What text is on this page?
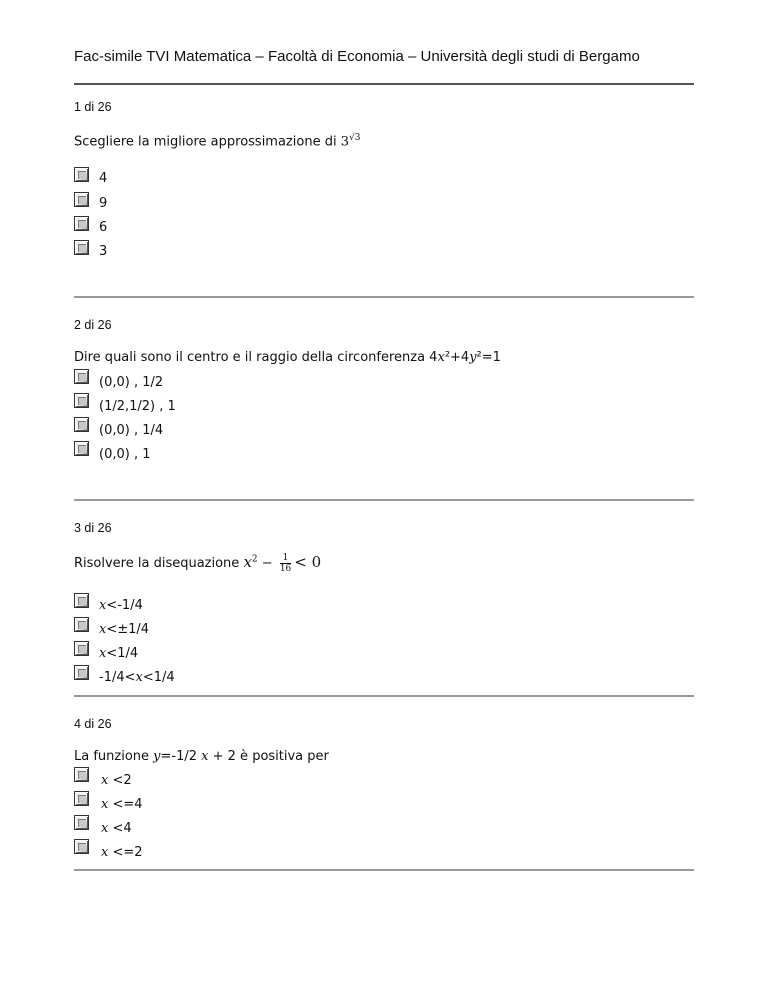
Fac-simile TVI Matematica – Facoltà di Economia – Università degli studi di Bergamo
1 di 26
Scegliere la migliore approssimazione di $3^{√3}$
4
9
6
3
2 di 26
Dire quali sono il centro e il raggio della circonferenza 4x²+4y²=1
(0,0) , 1/2
(1/2,1/2) , 1
(0,0) , 1/4
(0,0) , 1
3 di 26
Risolvere la disequazione $x^2 - \frac{1}{16} < 0$
x<-1/4
x<±1/4
x<1/4
-1/4<x<1/4
4 di 26
La funzione y=-1/2 x + 2 è positiva per
x <2
x <=4
x <4
x <=2
